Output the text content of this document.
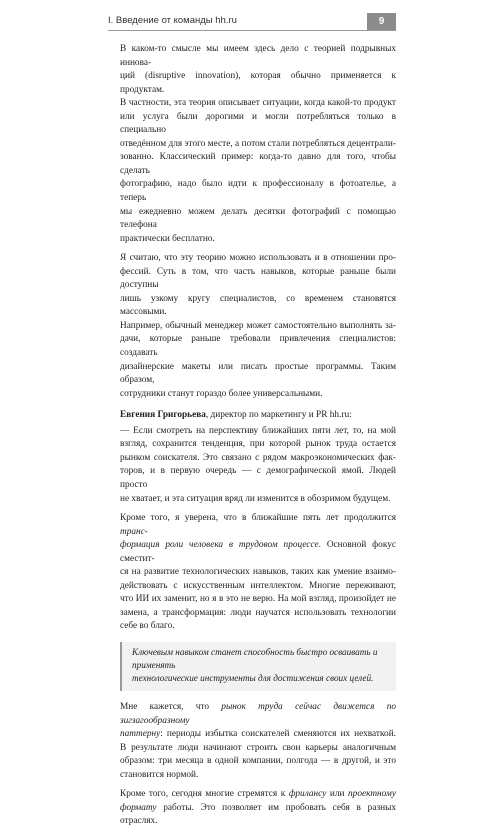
I. Введение от команды hh.ru	9
В каком-то смысле мы имеем здесь дело с теорией подрывных иннова-
ций (disruptive innovation), которая обычно применяется к продуктам.
В частности, эта теория описывает ситуации, когда какой-то продукт
или услуга были дорогими и могли потребляться только в специально
отведённом для этого месте, а потом стали потребляться децентрали-
зованно. Классический пример: когда-то давно для того, чтобы сделать
фотографию, надо было идти к профессионалу в фотоателье, а теперь
мы ежедневно можем делать десятки фотографий с помощью телефона
практически бесплатно.
Я считаю, что эту теорию можно использовать и в отношении про-
фессий. Суть в том, что часть навыков, которые раньше были доступны
лишь узкому кругу специалистов, со временем становятся массовыми.
Например, обычный менеджер может самостоятельно выполнять за-
дачи, которые раньше требовали привлечения специалистов: создавать
дизайнерские макеты или писать простые программы. Таким образом,
сотрудники станут гораздо более универсальными.
Евгения Григорьева, директор по маркетингу и PR hh.ru:
— Если смотреть на перспективу ближайших пяти лет, то, на мой
взгляд, сохранится тенденция, при которой рынок труда остается
рынком соискателя. Это связано с рядом макроэкономических фак-
торов, и в первую очередь — с демографической ямой. Людей просто
не хватает, и эта ситуация вряд ли изменится в обозримом будущем.
Кроме того, я уверена, что в ближайшие пять лет продолжится транс-
формация роли человека в трудовом процессе. Основной фокус сместит-
ся на развитие технологических навыков, таких как умение взаимо-
действовать с искусственным интеллектом. Многие переживают,
что ИИ их заменит, но я в это не верю. На мой взгляд, произойдет не
замена, а трансформация: люди научатся использовать технологии
себе во благо.
Ключевым навыком станет способность быстро осваивать и применять
технологические инструменты для достижения своих целей.
Мне кажется, что рынок труда сейчас движется по зигзагообразному
паттерну: периоды избытка соискателей сменяются их нехваткой.
В результате люди начинают строить свои карьеры аналогичным
образом: три месяца в одной компании, полгода — в другой, и это
становится нормой.
Кроме того, сегодня многие стремятся к фрилансу или проектному
формату работы. Это позволяет им пробовать себя в разных отраслях.
